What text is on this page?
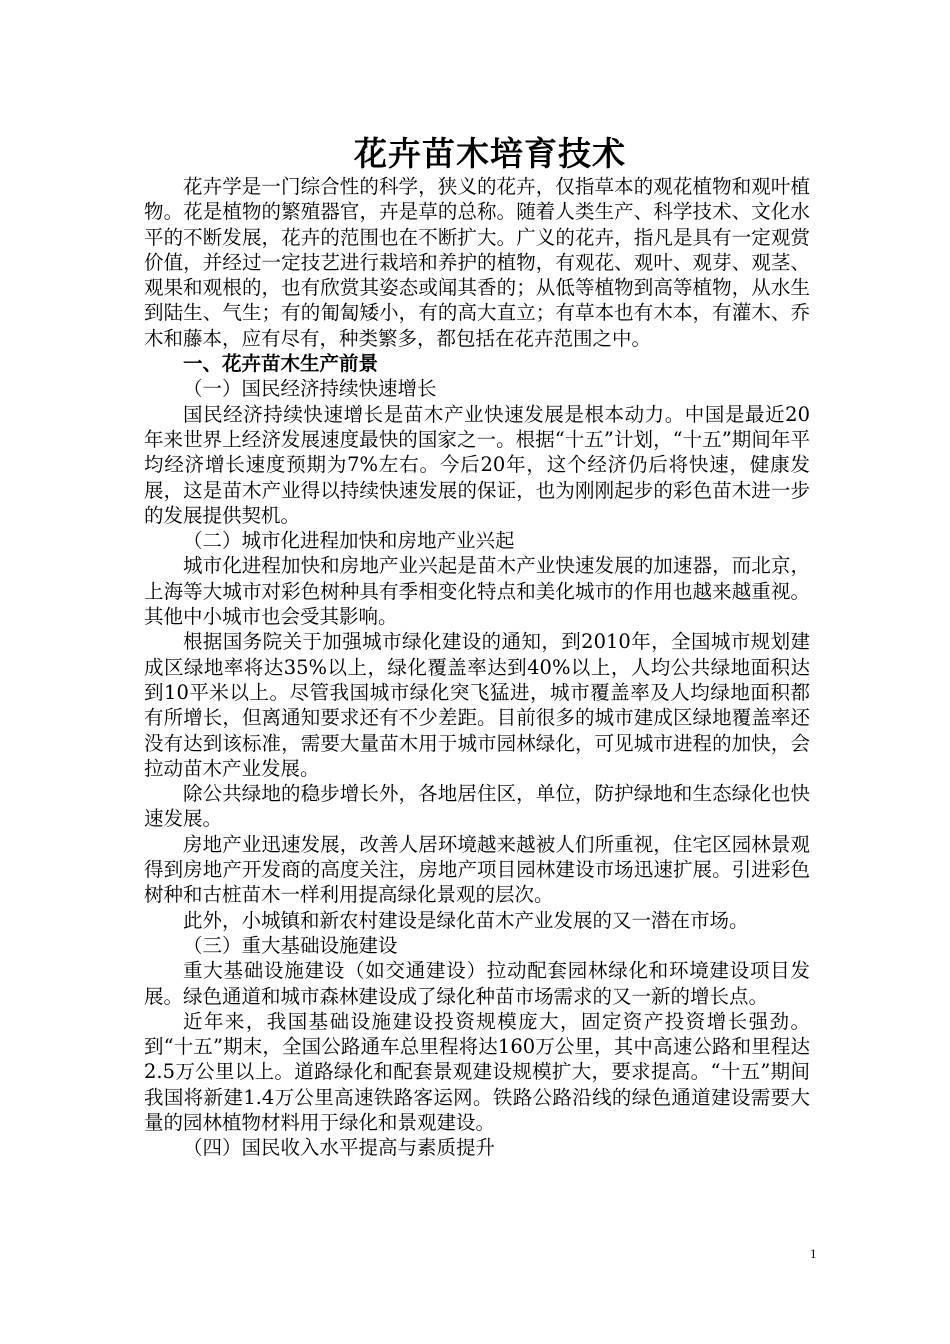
花卉苗木培育技术

花卉学是一门综合性的科学，狭义的花卉，仅指草本的观花植物和观叶植物。花是植物的繁殖器官，卉是草的总称。随着人类生产、科学技术、文化水平的不断发展，花卉的范围也在不断扩大。广义的花卉，指凡是具有一定观赏价值，并经过一定技艺进行栽培和养护的植物，有观花、观叶、观芽、观茎、观果和观根的，也有欣赏其姿态或闻其香的；从低等植物到高等植物，从水生到陆生、气生；有的匍匐矮小，有的高大直立；有草本也有木本，有灌木、乔木和藤本，应有尽有，种类繁多，都包括在花卉范围之中。

一、花卉苗木生产前景

（一）国民经济持续快速增长

国民经济持续快速增长是苗木产业快速发展是根本动力。中国是最近20年来世界上经济发展速度最快的国家之一。根据“十五”计划，“十五”期间年平均经济增长速度预期为7%左右。今后20年，这个经济仍后将快速，健康发展，这是苗木产业得以持续快速发展的保证，也为刚刚起步的彩色苗木进一步的发展提供契机。

（二）城市化进程加快和房地产业兴起

城市化进程加快和房地产业兴起是苗木产业快速发展的加速器，而北京，上海等大城市对彩色树种具有季相变化特点和美化城市的作用也越来越重视。其他中小城市也会受其影响。

根据国务院关于加强城市绿化建设的通知，到2010年，全国城市规划建成区绿地率将达35%以上，绿化覆盖率达到40%以上，人均公共绿地面积达到10平米以上。尽管我国城市绿化突飞猛进，城市覆盖率及人均绿地面积都有所增长，但离通知要求还有不少差距。目前很多的城市建成区绿地覆盖率还没有达到该标准，需要大量苗木用于城市园林绿化，可见城市进程的加快，会拉动苗木产业发展。

除公共绿地的稳步增长外，各地居住区，单位，防护绿地和生态绿化也快速发展。

房地产业迅速发展，改善人居环境越来越被人们所重视，住宅区园林景观得到房地产开发商的高度关注，房地产项目园林建设市场迅速扩展。引进彩色树种和古桩苗木一样利用提高绿化景观的层次。

此外，小城镇和新农村建设是绿化苗木产业发展的又一潜在市场。

（三）重大基础设施建设

重大基础设施建设（如交通建设）拉动配套园林绿化和环境建设项目发展。绿色通道和城市森林建设成了绿化种苗市场需求的又一新的增长点。

近年来，我国基础设施建设投资规模庞大，固定资产投资增长强劲。到“十五”期末，全国公路通车总里程将达160万公里，其中高速公路和里程达2.5万公里以上。道路绿化和配套景观建设规模扩大，要求提高。“十五”期间我国将新建1.4万公里高速铁路客运网。铁路公路沿线的绿色通道建设需要大量的园林植物材料用于绿化和景观建设。

（四）国民收入水平提高与素质提升

1
